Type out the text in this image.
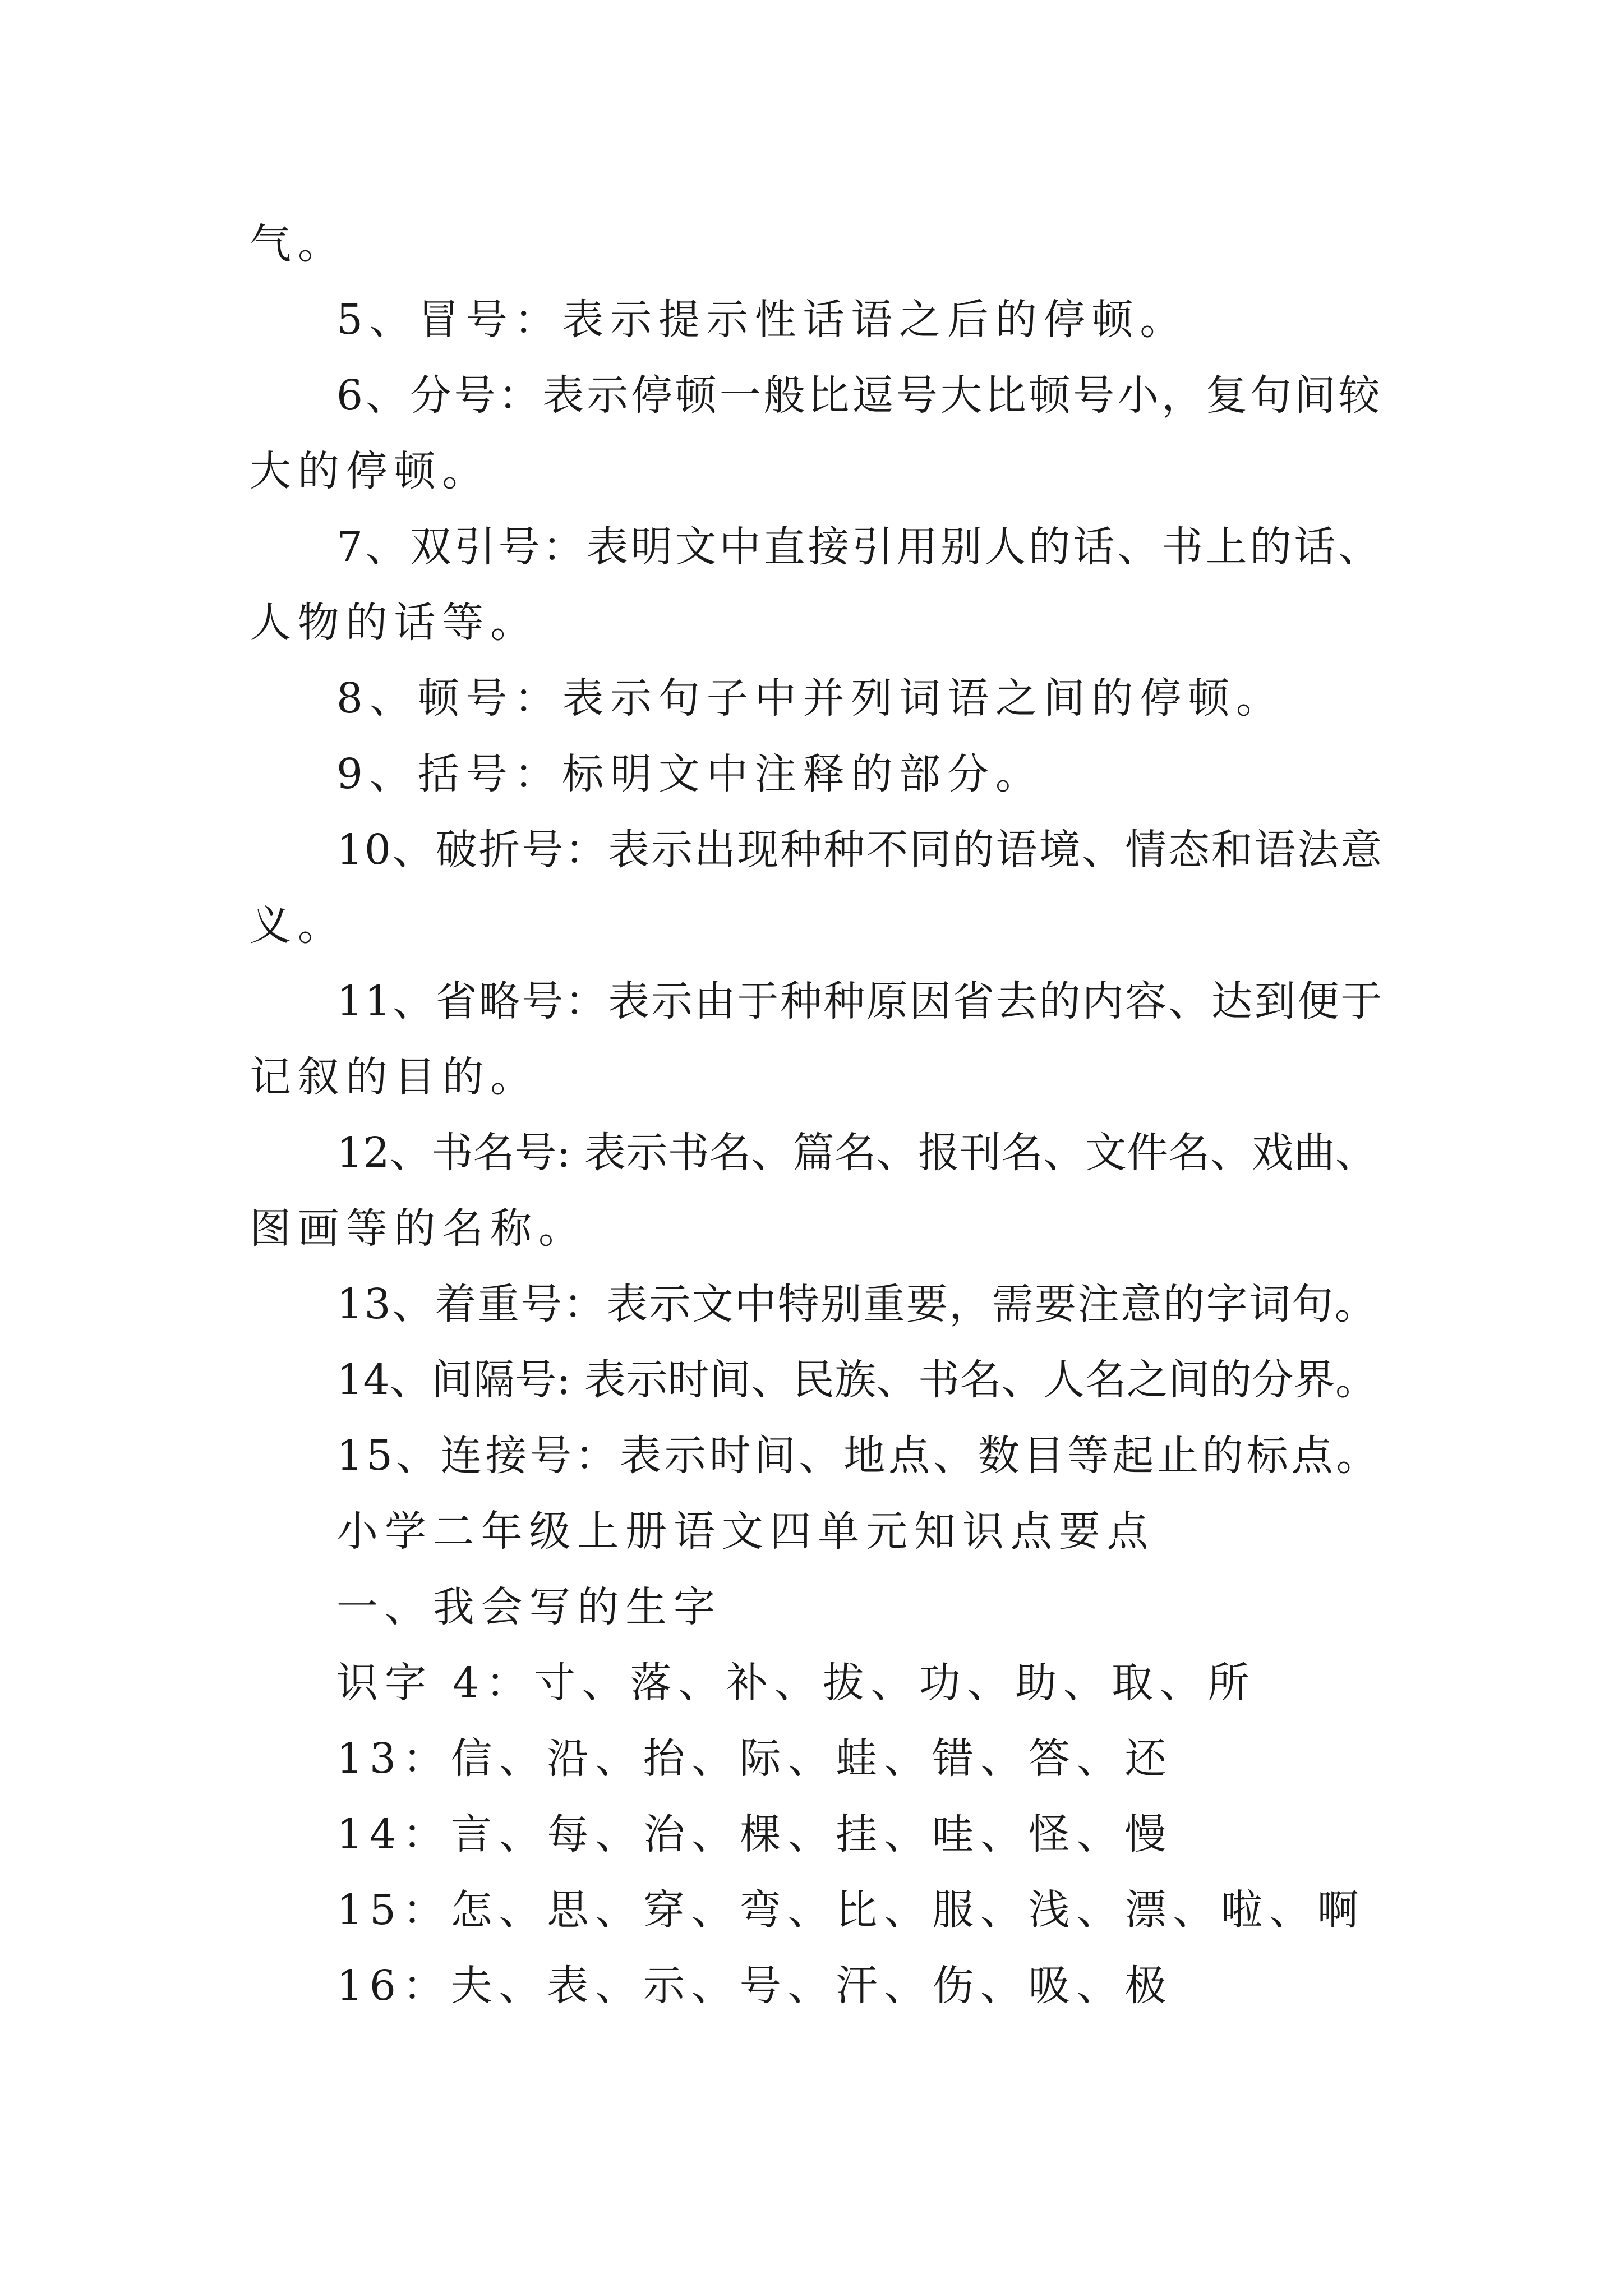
气。
5、冒号：表示提示性话语之后的停顿。
6、分号：表示停顿一般比逗号大比顿号小，复句间较
大的停顿。
7、双引号：表明文中直接引用别人的话、书上的话、
人物的话等。
8、顿号：表示句子中并列词语之间的停顿。
9、括号：标明文中注释的部分。
10、破折号：表示出现种种不同的语境、情态和语法意
义。
11、省略号：表示由于种种原因省去的内容、达到便于
记叙的目的。
12、书名号: 表示书名、篇名、报刊名、文件名、戏曲、
图画等的名称。
13、着重号：表示文中特别重要，需要注意的字词句。
14、间隔号: 表示时间、民族、书名、人名之间的分界。
15、连接号：表示时间、地点、数目等起止的标点。
小学二年级上册语文四单元知识点要点
一、我会写的生字
识字 4：寸、落、补、拔、功、助、取、所
13：信、沿、抬、际、蛙、错、答、还
14：言、每、治、棵、挂、哇、怪、慢
15：怎、思、穿、弯、比、服、浅、漂、啦、啊
16：夫、表、示、号、汗、伤、吸、极
